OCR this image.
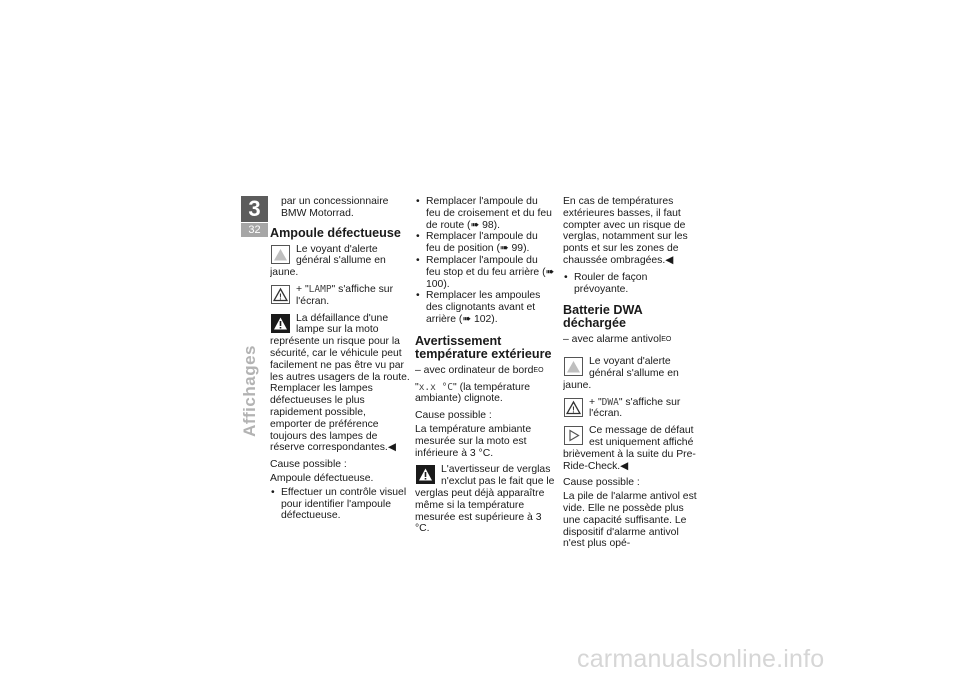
3
32
Affichages

par un concessionnaire BMW Motorrad.

Ampoule défectueuse
Le voyant d'alerte général s'allume en jaune.
!
+ "LAMP" s'affiche sur l'écran.
La défaillance d'une lampe sur la moto représente un risque pour la sécurité, car le véhicule peut facilement ne pas être vu par les autres usagers de la route.

Remplacer les lampes défectueuses le plus rapidement possible, emporter de préférence toujours des lampes de réserve correspondantes.◀

Cause possible :

Ampoule défectueuse.

• Effectuer un contrôle visuel pour identifier l'ampoule défectueuse.

• Remplacer l'ampoule du feu de croisement et du feu de route (➠ 98).

• Remplacer l'ampoule du feu de position (➠ 99).

• Remplacer l'ampoule du feu stop et du feu arrière (➠ 100).

• Remplacer les ampoules des clignotants avant et arrière (➠ 102).

Avertissement température extérieure

– avec ordinateur de bord$^{EO}$

"x.x °C" (la température ambiante) clignote.

Cause possible :

La température ambiante mesurée sur la moto est inférieure à 3 °C.

L'avertisseur de verglas n'exclut pas le fait que le verglas peut déjà apparaître même si la température mesurée est supérieure à 3 °C.

En cas de températures extérieures basses, il faut compter avec un risque de verglas, notamment sur les ponts et sur les zones de chaussée ombragées.◀

• Rouler de façon prévoyante.

Batterie DWA déchargée

– avec alarme antivol$^{EO}$

Le voyant d'alerte général s'allume en jaune.
!
+ "DWA" s'affiche sur l'écran.
Ce message de défaut est uniquement affiché brièvement à la suite du Pre-Ride-Check.◀

Cause possible :

La pile de l'alarme antivol est vide. Elle ne possède plus une capacité suffisante. Le dispositif d'alarme antivol n'est plus opé-

carmanualsonline.info
